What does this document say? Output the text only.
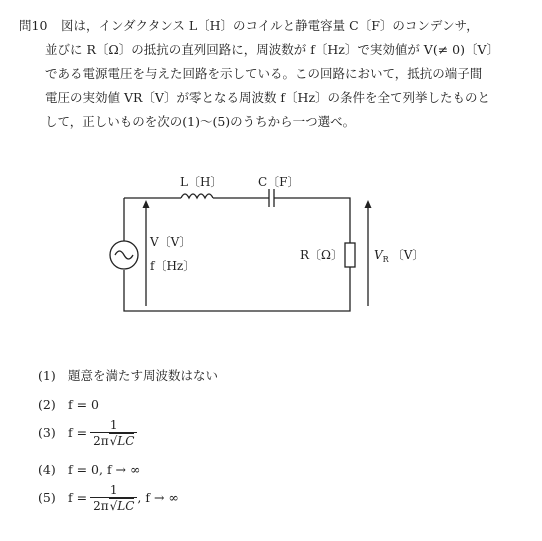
問10 図は，インダクタンス L〔H〕のコイルと静電容量 C〔F〕のコンデンサ，
並びに R〔Ω〕の抵抗の直列回路に，周波数が f〔Hz〕で実効値が V(≠ 0)〔V〕
である電源電圧を与えた回路を示している。この回路において，抵抗の端子間
電圧の実効値 VR〔V〕が零となる周波数 f〔Hz〕の条件を全て列挙したものと
して，正しいものを次の(1)～(5)のうちから一つ選べ。
L〔H〕	C〔F〕
V〔V〕
f〔Hz〕
R〔Ω〕	$V_R$ 〔V〕
(1) 題意を満たす周波数はない
(2) f = 0
(3) $f = \frac{1}{2\pi√LC}$
(4) f = 0, f → ∞
(5) $f = \frac{1}{2\pi√LC}$ , f → ∞
